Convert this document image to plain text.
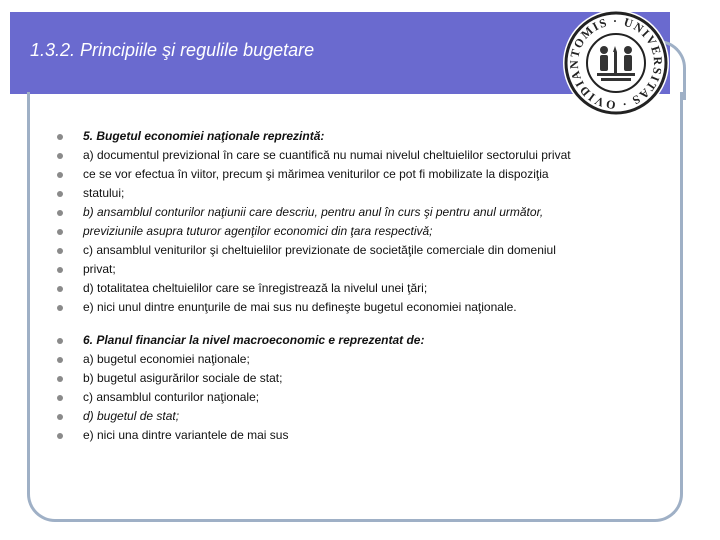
1.3.2. Principiile şi regulile bugetare	TOMIS · UNIVERSITAS · OVIDIAN
5. Bugetul economiei naţionale reprezintă:
a) documentul previzional în care se cuantifică nu numai nivelul cheltuielilor sectorului privat
ce se vor efectua în viitor, precum şi mărimea veniturilor ce pot fi mobilizate la dispoziţia
statului;
b) ansamblul conturilor naţiunii care descriu, pentru anul în curs şi pentru anul următor,
previziunile asupra tuturor agenţilor economici din ţara respectivă;
c) ansamblul veniturilor şi cheltuielilor previzionate de societăţile comerciale din domeniul
privat;
d) totalitatea cheltuielilor care se înregistrează la nivelul unei ţări;
e) nici unul dintre enunţurile de mai sus nu defineşte bugetul economiei naţionale.
6. Planul financiar la nivel macroeconomic e reprezentat de:
a) bugetul economiei naţionale;
b) bugetul asigurărilor sociale de stat;
c) ansamblul conturilor naţionale;
d) bugetul de stat;
e) nici una dintre variantele de mai sus
